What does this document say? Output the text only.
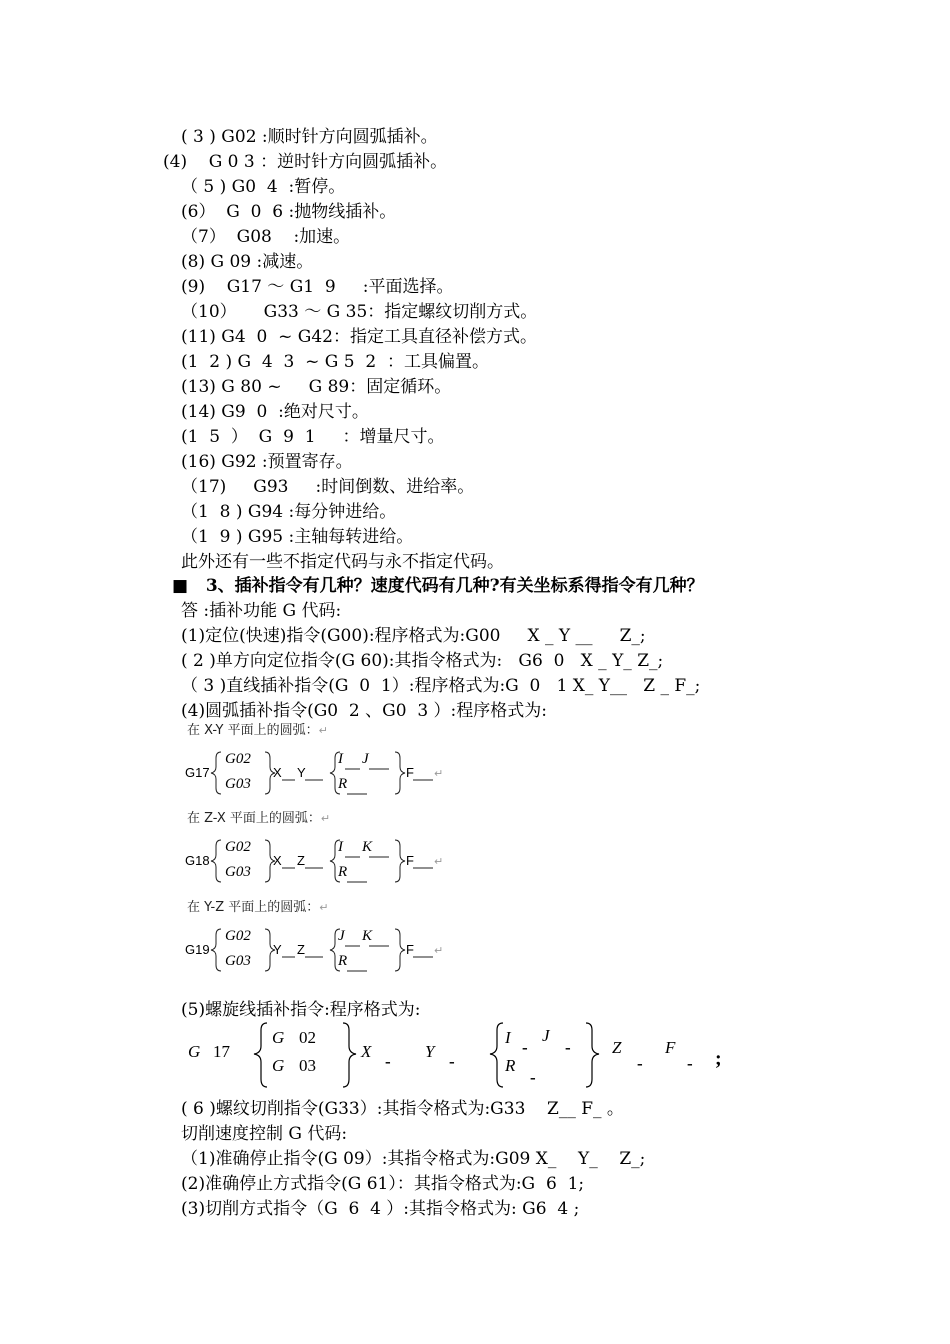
( 3 ) G02 :顺时针方向圆弧插补。
(4)    G 0 3 ：逆时针方向圆弧插补。
（ 5 ) G0  4  :暂停。
(6）  G  0  6 :抛物线插补。
（7）  G08    :加速。
(8) G 09 :减速。
(9)    G17 ～ G1  9     :平面选择。
（10）     G33 ～ G 35：指定螺纹切削方式。
(11) G4  0  ~ G42：指定工具直径补偿方式。
(1  2 ) G  4  3  ~ G 5  2  ：工具偏置。
(13) G 80 ~     G 89：固定循环。
(14) G9  0  :绝对尺寸。
(1  5  ）  G  9  1     ：增量尺寸。
(16) G92 :预置寄存。
（17)     G93     :时间倒数、进给率。
（1  8 ) G94 :每分钟进给。
（1  9 ) G95 :主轴每转进给。
此外还有一些不指定代码与永不指定代码。
■   3、插补指令有几种？速度代码有几种?有关坐标系得指令有几种？
答 :插补功能 G 代码:
(1)定位(快速)指令(G00):程序格式为:G00     X _ Y __     Z_;
( 2 )单方向定位指令(G 60):其指令格式为:   G6  0   X _ Y_ Z_;
（ 3 )直线插补指令(G  0  1）:程序格式为:G  0   1 X_ Y__   Z _ F_;
(4)圆弧插补指令(G0  2 、G0  3 ）:程序格式为:
在 X-Y 平面上的圆弧：↵
G17
G02
G03
X Y
I J
R
F ↵
在 Z-X 平面上的圆弧：↵
G18
G02
G03
X Z
I K
R
F ↵
在 Y-Z 平面上的圆弧：↵
G19
G02
G03
Y Z
J K
R
F ↵
(5)螺旋线插补指令:程序格式为:
G 17
G 02
G 03
X
-
Y
-
I
-
J
-
R
-
Z
-
F
- ;
( 6 )螺纹切削指令(G33）:其指令格式为:G33    Z__ F_ 。
切削速度控制 G 代码:
（1)准确停止指令(G 09）:其指令格式为:G09 X_    Y_    Z_;
(2)准确停止方式指令(G 61）：其指令格式为:G  6  1;
(3)切削方式指令（G  6  4 ）:其指令格式为: G6  4 ;
